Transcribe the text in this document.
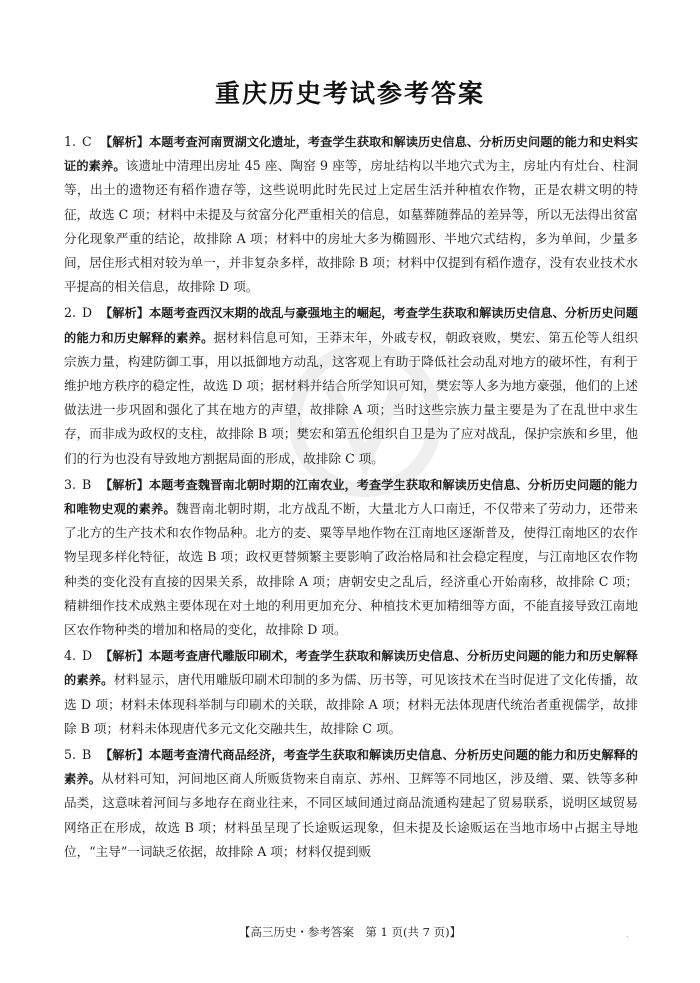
重庆历史考试参考答案

1. C 【解析】本题考查河南贾湖文化遗址，考查学生获取和解读历史信息、分析历史问题的能力和史料实证的素养。该遗址中清理出房址 45 座、陶窑 9 座等，房址结构以半地穴式为主，房址内有灶台、柱洞等，出土的遗物还有稻作遗存等，这些说明此时先民过上定居生活并种植农作物，正是农耕文明的特征，故选 C 项；材料中未提及与贫富分化严重相关的信息，如墓葬随葬品的差异等，所以无法得出贫富分化现象严重的结论，故排除 A 项；材料中的房址大多为椭圆形、半地穴式结构，多为单间，少量多间，居住形式相对较为单一，并非复杂多样，故排除 B 项；材料中仅提到有稻作遗存，没有农业技术水平提高的相关信息，故排除 D 项。

2. D 【解析】本题考查西汉末期的战乱与豪强地主的崛起，考查学生获取和解读历史信息、分析历史问题的能力和历史解释的素养。据材料信息可知，王莽末年，外戚专权，朝政衰败，樊宏、第五伦等人组织宗族力量，构建防御工事，用以抵御地方动乱，这客观上有助于降低社会动乱对地方的破坏性，有利于维护地方秩序的稳定性，故选 D 项；据材料并结合所学知识可知，樊宏等人多为地方豪强，他们的上述做法进一步巩固和强化了其在地方的声望，故排除 A 项；当时这些宗族力量主要是为了在乱世中求生存，而非成为政权的支柱，故排除 B 项；樊宏和第五伦组织自卫是为了应对战乱，保护宗族和乡里，他们的行为也没有导致地方割据局面的形成，故排除 C 项。

3. B 【解析】本题考查魏晋南北朝时期的江南农业，考查学生获取和解读历史信息、分析历史问题的能力和唯物史观的素养。魏晋南北朝时期，北方战乱不断，大量北方人口南迁，不仅带来了劳动力，还带来了北方的生产技术和农作物品种。北方的麦、粟等旱地作物在江南地区逐渐普及，使得江南地区的农作物呈现多样化特征，故选 B 项；政权更替频繁主要影响了政治格局和社会稳定程度，与江南地区农作物种类的变化没有直接的因果关系，故排除 A 项；唐朝安史之乱后，经济重心开始南移，故排除 C 项；精耕细作技术成熟主要体现在对土地的利用更加充分、种植技术更加精细等方面，不能直接导致江南地区农作物种类的增加和格局的变化，故排除 D 项。

4. D 【解析】本题考查唐代雕版印刷术，考查学生获取和解读历史信息、分析历史问题的能力和历史解释的素养。材料显示，唐代用雕版印刷术印制的多为儒、历书等，可见该技术在当时促进了文化传播，故选 D 项；材料未体现科举制与印刷术的关联，故排除 A 项；材料无法体现唐代统治者重视儒学，故排除 B 项；材料未体现唐代多元文化交融共生，故排除 C 项。

5. B 【解析】本题考查清代商品经济，考查学生获取和解读历史信息、分析历史问题的能力和历史解释的素养。从材料可知，河间地区商人所贩货物来自南京、苏州、卫辉等不同地区，涉及缯、粟、铁等多种品类，这意味着河间与多地存在商业往来，不同区域间通过商品流通构建起了贸易联系，说明区域贸易网络正在形成，故选 B 项；材料虽呈现了长途贩运现象，但未提及长途贩运在当地市场中占据主导地位，“主导”一词缺乏依据，故排除 A 项；材料仅提到贩

【高三历史・参考答案　第 1 页(共 7 页)】	.
